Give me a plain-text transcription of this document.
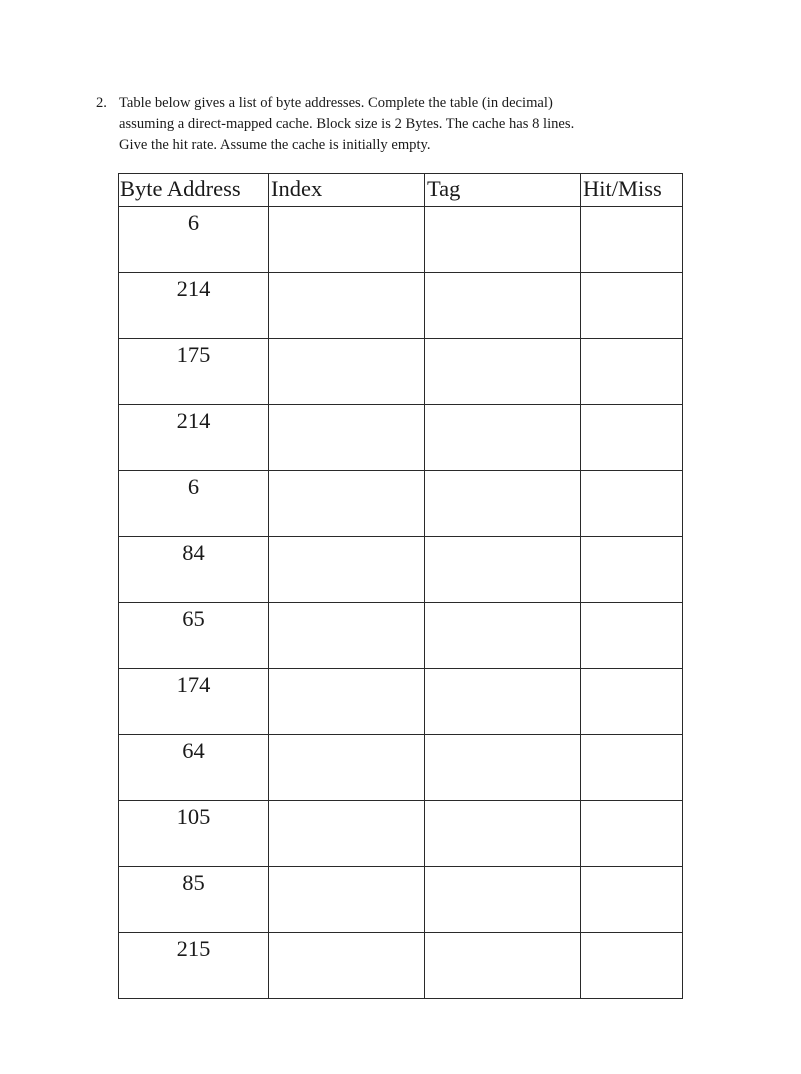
2. Table below gives a list of byte addresses. Complete the table (in decimal)
assuming a direct-mapped cache. Block size is 2 Bytes. The cache has 8 lines.
Give the hit rate. Assume the cache is initially empty.
Byte Address	Index	Tag	Hit/Miss
6			
214			
175			
214			
6			
84			
65			
174			
64			
105			
85			
215			
